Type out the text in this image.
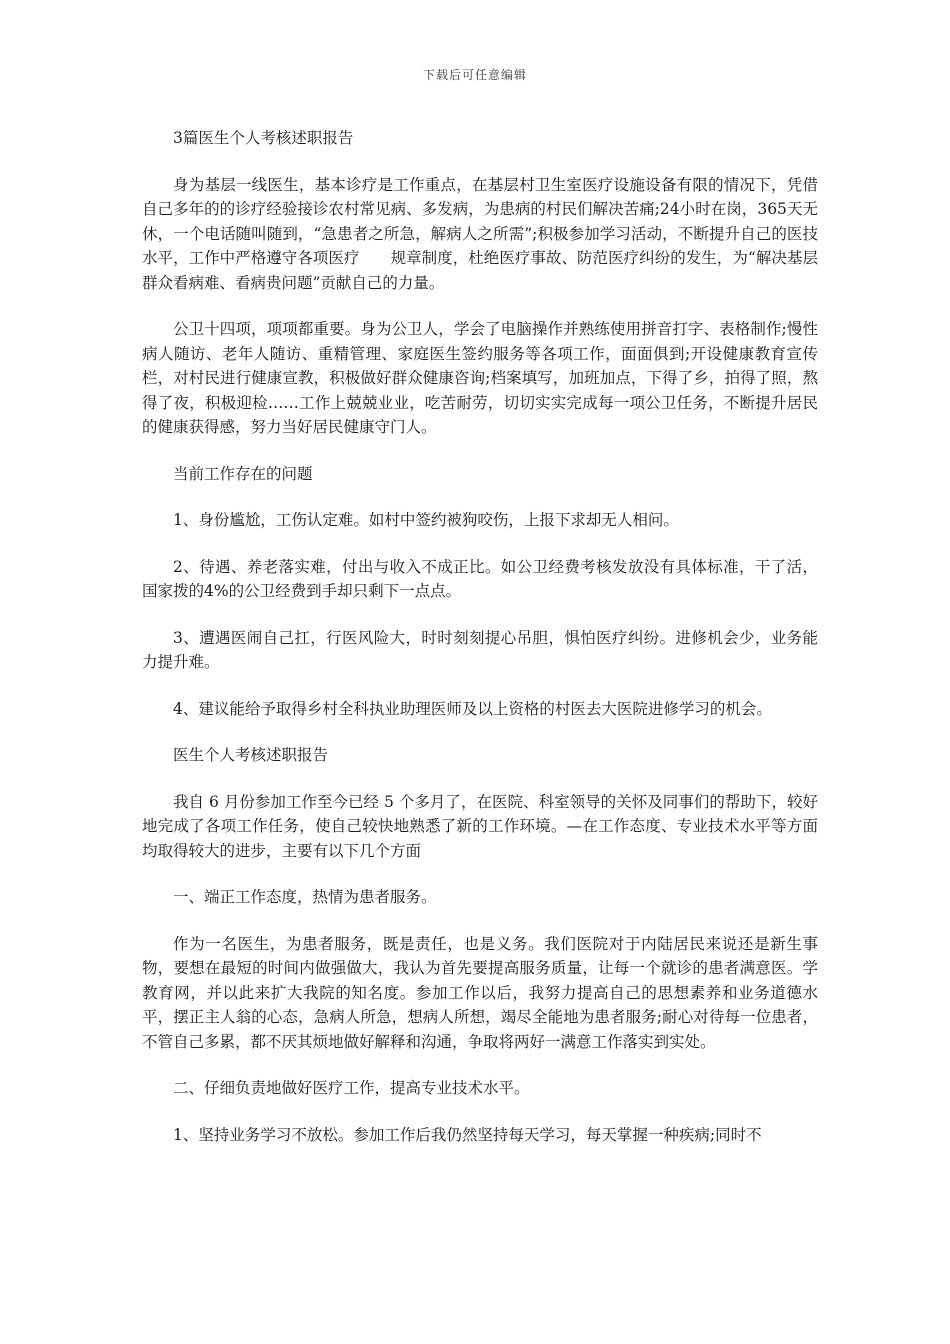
下载后可任意编辑

3篇医生个人考核述职报告

身为基层一线医生，基本诊疗是工作重点，在基层村卫生室医疗设施设备有限的情况下，凭借自己多年的的诊疗经验接诊农村常见病、多发病，为患病的村民们解决苦痛;24小时在岗，365天无休，一个电话随叫随到，“急患者之所急，解病人之所需”;积极参加学习活动，不断提升自己的医技水平，工作中严格遵守各项医疗　　规章制度，杜绝医疗事故、防范医疗纠纷的发生，为“解决基层群众看病难、看病贵问题”贡献自己的力量。

公卫十四项，项项都重要。身为公卫人，学会了电脑操作并熟练使用拼音打字、表格制作;慢性病人随访、老年人随访、重精管理、家庭医生签约服务等各项工作，面面俱到;开设健康教育宣传栏，对村民进行健康宣教，积极做好群众健康咨询;档案填写，加班加点，下得了乡，拍得了照，熬得了夜，积极迎检……工作上兢兢业业，吃苦耐劳，切切实实完成每一项公卫任务，不断提升居民的健康获得感，努力当好居民健康守门人。

当前工作存在的问题

1、身份尴尬，工伤认定难。如村中签约被狗咬伤，上报下求却无人相问。

2、待遇、养老落实难，付出与收入不成正比。如公卫经费考核发放没有具体标准，干了活，国家拨的4%的公卫经费到手却只剩下一点点。

3、遭遇医闹自己扛，行医风险大，时时刻刻提心吊胆，惧怕医疗纠纷。进修机会少，业务能力提升难。

4、建议能给予取得乡村全科执业助理医师及以上资格的村医去大医院进修学习的机会。

医生个人考核述职报告

我自 6 月份参加工作至今已经 5 个多月了，在医院、科室领导的关怀及同事们的帮助下，较好地完成了各项工作任务，使自己较快地熟悉了新的工作环境。—在工作态度、专业技术水平等方面均取得较大的进步，主要有以下几个方面

一、端正工作态度，热情为患者服务。

作为一名医生，为患者服务，既是责任，也是义务。我们医院对于内陆居民来说还是新生事物，要想在最短的时间内做强做大，我认为首先要提高服务质量，让每一个就诊的患者满意医。学教育网，并以此来扩大我院的知名度。参加工作以后，我努力提高自己的思想素养和业务道德水平，摆正主人翁的心态，急病人所急，想病人所想，竭尽全能地为患者服务;耐心对待每一位患者，不管自己多累，都不厌其烦地做好解释和沟通，争取将两好一满意工作落实到实处。

二、仔细负责地做好医疗工作，提高专业技术水平。

1、坚持业务学习不放松。参加工作后我仍然坚持每天学习，每天掌握一种疾病;同时不
